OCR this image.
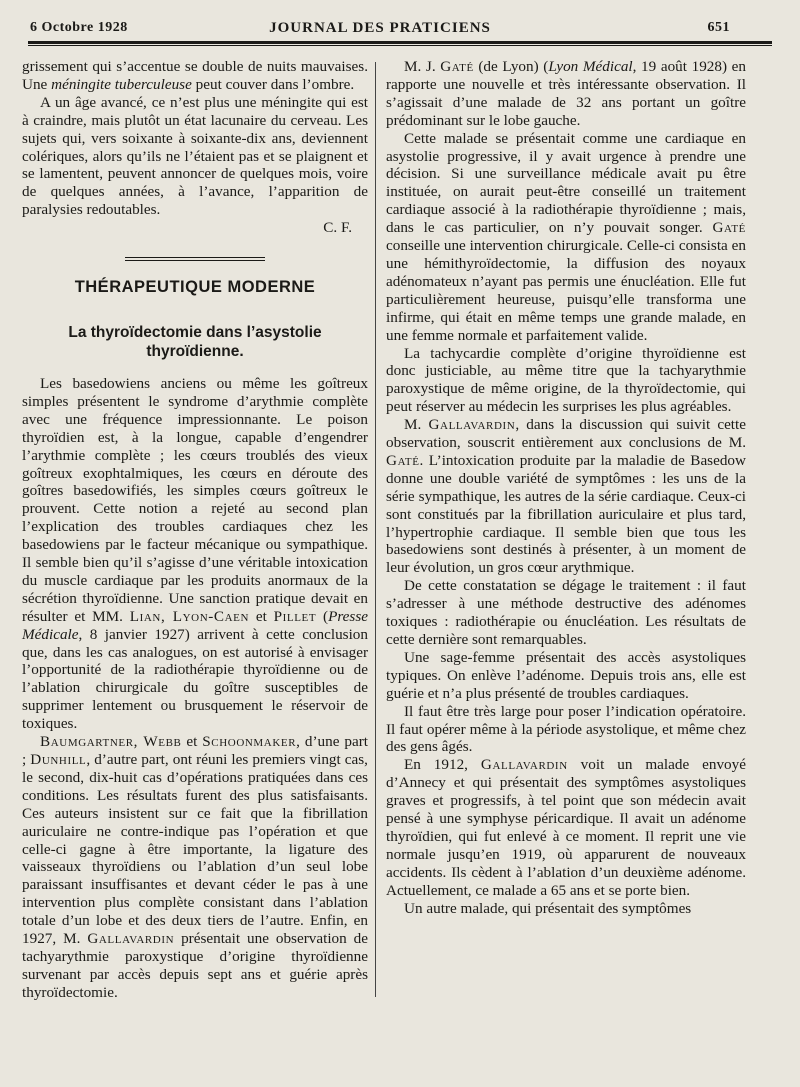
6 Octobre 1928	JOURNAL DES PRATICIENS	651

grissement qui s’accentue se double de nuits mauvaises. Une méningite tuberculeuse peut couver dans l’ombre.

A un âge avancé, ce n’est plus une méningite qui est à craindre, mais plutôt un état lacunaire du cerveau. Les sujets qui, vers soixante à soixante-dix ans, deviennent colériques, alors qu’ils ne l’étaient pas et se plaignent et se lamentent, peuvent annoncer de quelques mois, voire de quelques années, à l’avance, l’apparition de paralysies redoutables.

C. F.
THÉRAPEUTIQUE MODERNE
La thyroïdectomie dans l’asystolie thyroïdienne.

Les basedowiens anciens ou même les goîtreux simples présentent le syndrome d’arythmie complète avec une fréquence impressionnante. Le poison thyroïdien est, à la longue, capable d’engendrer l’arythmie complète ; les cœurs troublés des vieux goîtreux exophtalmiques, les cœurs en déroute des goîtres basedowifiés, les simples cœurs goîtreux le prouvent. Cette notion a rejeté au second plan l’explication des troubles cardiaques chez les basedowiens par le facteur mécanique ou sympathique. Il semble bien qu’il s’agisse d’une véritable intoxication du muscle cardiaque par les produits anormaux de la sécrétion thyroïdienne. Une sanction pratique devait en résulter et MM. Lian, Lyon-Caen et Pillet (Presse Médicale, 8 janvier 1927) arrivent à cette conclusion que, dans les cas analogues, on est autorisé à envisager l’opportunité de la radiothérapie thyroïdienne ou de l’ablation chirurgicale du goître susceptibles de supprimer lentement ou brusquement le réservoir de toxiques.

Baumgartner, Webb et Schoonmaker, d’une part ; Dunhill, d’autre part, ont réuni les premiers vingt cas, le second, dix-huit cas d’opérations pratiquées dans ces conditions. Les résultats furent des plus satisfaisants. Ces auteurs insistent sur ce fait que la fibrillation auriculaire ne contre-indique pas l’opération et que celle-ci gagne à être importante, la ligature des vaisseaux thyroïdiens ou l’ablation d’un seul lobe paraissant insuffisantes et devant céder le pas à une intervention plus complète consistant dans l’ablation totale d’un lobe et des deux tiers de l’autre. Enfin, en 1927, M. Gallavardin présentait une observation de tachyarythmie paroxystique d’origine thyroïdienne survenant par accès depuis sept ans et guérie après thyroïdectomie.

M. J. Gaté (de Lyon) (Lyon Médical, 19 août 1928) en rapporte une nouvelle et très intéressante observation. Il s’agissait d’une malade de 32 ans portant un goître prédominant sur le lobe gauche.

Cette malade se présentait comme une cardiaque en asystolie progressive, il y avait urgence à prendre une décision. Si une surveillance médicale avait pu être instituée, on aurait peut-être conseillé un traitement cardiaque associé à la radiothérapie thyroïdienne ; mais, dans le cas particulier, on n’y pouvait songer. Gaté conseille une intervention chirurgicale. Celle-ci consista en une hémithyroïdectomie, la diffusion des noyaux adénomateux n’ayant pas permis une énucléation. Elle fut particulièrement heureuse, puisqu’elle transforma une infirme, qui était en même temps une grande malade, en une femme normale et parfaitement valide.

La tachycardie complète d’origine thyroïdienne est donc justiciable, au même titre que la tachyarythmie paroxystique de même origine, de la thyroïdectomie, qui peut réserver au médecin les surprises les plus agréables.

M. Gallavardin, dans la discussion qui suivit cette observation, souscrit entièrement aux conclusions de M. Gaté. L’intoxication produite par la maladie de Basedow donne une double variété de symptômes : les uns de la série sympathique, les autres de la série cardiaque. Ceux-ci sont constitués par la fibrillation auriculaire et plus tard, l’hypertrophie cardiaque. Il semble bien que tous les basedowiens sont destinés à présenter, à un moment de leur évolution, un gros cœur arythmique.

De cette constatation se dégage le traitement : il faut s’adresser à une méthode destructive des adénomes toxiques : radiothérapie ou énucléation. Les résultats de cette dernière sont remarquables.

Une sage-femme présentait des accès asystoliques typiques. On enlève l’adénome. Depuis trois ans, elle est guérie et n’a plus présenté de troubles cardiaques.

Il faut être très large pour poser l’indication opératoire. Il faut opérer même à la période asystolique, et même chez des gens âgés.

En 1912, Gallavardin voit un malade envoyé d’Annecy et qui présentait des symptômes asystoliques graves et progressifs, à tel point que son médecin avait pensé à une symphyse péricardique. Il avait un adénome thyroïdien, qui fut enlevé à ce moment. Il reprit une vie normale jusqu’en 1919, où apparurent de nouveaux accidents. Ils cèdent à l’ablation d’un deuxième adénome. Actuellement, ce malade a 65 ans et se porte bien.

Un autre malade, qui présentait des symptômes
